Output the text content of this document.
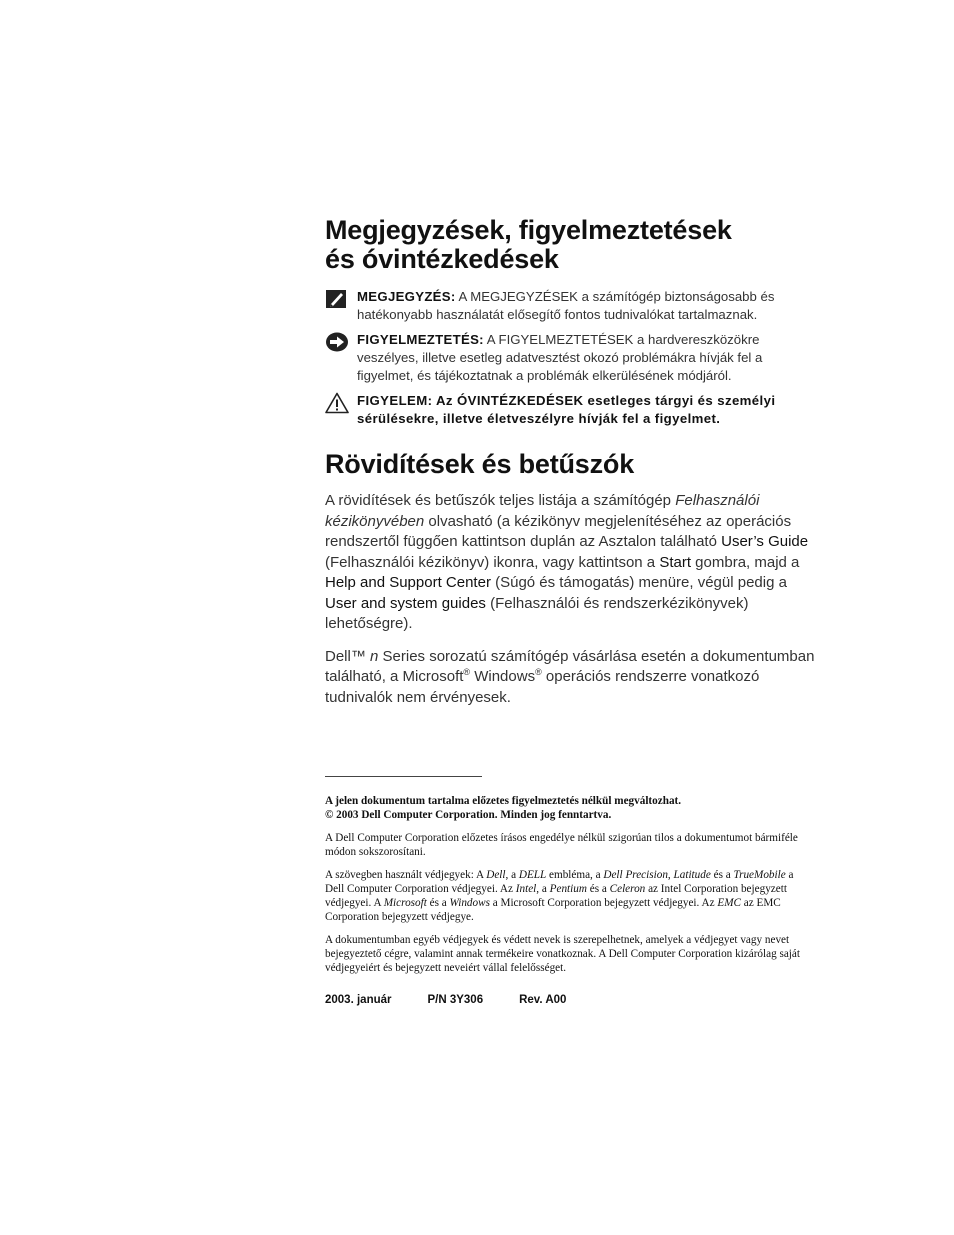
Megjegyzések, figyelmeztetések
és óvintézkedések
MEGJEGYZÉS: A MEGJEGYZÉSEK a számítógép biztonságosabb és hatékonyabb használatát elősegítő fontos tudnivalókat tartalmaznak.
FIGYELMEZTETÉS: A FIGYELMEZTETÉSEK a hardvereszközökre veszélyes, illetve esetleg adatvesztést okozó problémákra hívják fel a figyelmet, és tájékoztatnak a problémák elkerülésének módjáról.
FIGYELEM: Az ÓVINTÉZKEDÉSEK esetleges tárgyi és személyi sérülésekre, illetve életveszélyre hívják fel a figyelmet.
Rövidítések és betűszók

A rövidítések és betűszók teljes listája a számítógép Felhasználói kézikönyvében olvasható (a kézikönyv megjelenítéséhez az operációs rendszertől függően kattintson duplán az Asztalon található User’s Guide (Felhasználói kézikönyv) ikonra, vagy kattintson a Start gombra, majd a Help and Support Center (Súgó és támogatás) menüre, végül pedig a User and system guides (Felhasználói és rendszerkézikönyvek) lehetőségre).

Dell™ n Series sorozatú számítógép vásárlása esetén a dokumentumban található, a Microsoft® Windows® operációs rendszerre vonatkozó tudnivalók nem érvényesek.

A jelen dokumentum tartalma előzetes figyelmeztetés nélkül megváltozhat.
© 2003 Dell Computer Corporation. Minden jog fenntartva.

A Dell Computer Corporation előzetes írásos engedélye nélkül szigorúan tilos a dokumentumot bármiféle módon sokszorosítani.

A szövegben használt védjegyek: A Dell, a DELL embléma, a Dell Precision, Latitude és a TrueMobile a Dell Computer Corporation védjegyei. Az Intel, a Pentium és a Celeron az Intel Corporation bejegyzett védjegyei. A Microsoft és a Windows a Microsoft Corporation bejegyzett védjegyei. Az EMC az EMC Corporation bejegyzett védjegye.

A dokumentumban egyéb védjegyek és védett nevek is szerepelhetnek, amelyek a védjegyet vagy nevet bejegyeztető cégre, valamint annak termékeire vonatkoznak. A Dell Computer Corporation kizárólag saját védjegyeiért és bejegyzett neveiért vállal felelősséget.

2003. január	P/N 3Y306	Rev. A00
